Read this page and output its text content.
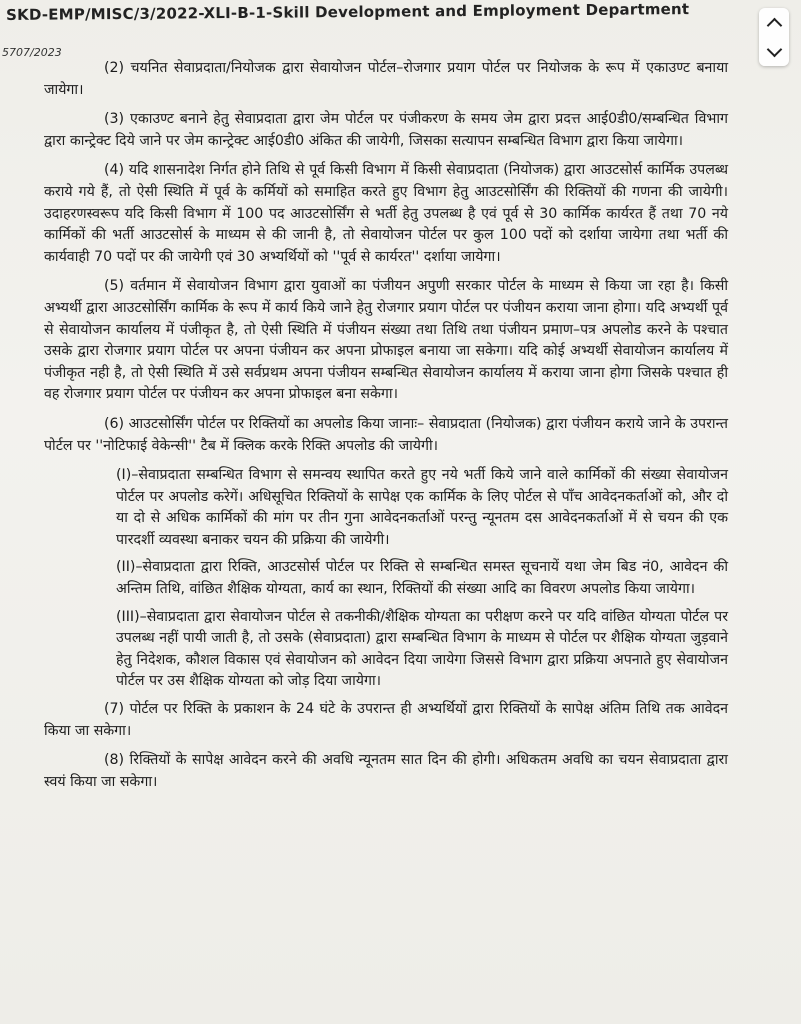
SKD-EMP/MISC/3/2022-XLI-B-1-Skill Development and Employment Department
5707/2023

(2) चयनित सेवाप्रदाता/नियोजक द्वारा सेवायोजन पोर्टल–रोजगार प्रयाग पोर्टल पर नियोजक के रूप में एकाउण्ट बनाया जायेगा।

(3) एकाउण्ट बनाने हेतु सेवाप्रदाता द्वारा जेम पोर्टल पर पंजीकरण के समय जेम द्वारा प्रदत्त आई0डी0/सम्बन्धित विभाग द्वारा कान्ट्रेक्ट दिये जाने पर जेम कान्ट्रेक्ट आई0डी0 अंकित की जायेगी, जिसका सत्यापन सम्बन्धित विभाग द्वारा किया जायेगा।

(4) यदि शासनादेश निर्गत होने तिथि से पूर्व किसी विभाग में किसी सेवाप्रदाता (नियोजक) द्वारा आउटसोर्स कार्मिक उपलब्ध कराये गये हैं, तो ऐसी स्थिति में पूर्व के कर्मियों को समाहित करते हुए विभाग हेतु आउटसोर्सिंग की रिक्तियों की गणना की जायेगी। उदाहरणस्वरूप यदि किसी विभाग में 100 पद आउटसोर्सिंग से भर्ती हेतु उपलब्ध है एवं पूर्व से 30 कार्मिक कार्यरत हैं तथा 70 नये कार्मिकों की भर्ती आउटसोर्स के माध्यम से की जानी है, तो सेवायोजन पोर्टल पर कुल 100 पदों को दर्शाया जायेगा तथा भर्ती की कार्यवाही 70 पदों पर की जायेगी एवं 30 अभ्यर्थियों को ''पूर्व से कार्यरत'' दर्शाया जायेगा।

(5) वर्तमान में सेवायोजन विभाग द्वारा युवाओं का पंजीयन अपुणी सरकार पोर्टल के माध्यम से किया जा रहा है। किसी अभ्यर्थी द्वारा आउटसोर्सिंग कार्मिक के रूप में कार्य किये जाने हेतु रोजगार प्रयाग पोर्टल पर पंजीयन कराया जाना होगा। यदि अभ्यर्थी पूर्व से सेवायोजन कार्यालय में पंजीकृत है, तो ऐसी स्थिति में पंजीयन संख्या तथा तिथि तथा पंजीयन प्रमाण–पत्र अपलोड करने के पश्चात उसके द्वारा रोजगार प्रयाग पोर्टल पर अपना पंजीयन कर अपना प्रोफाइल बनाया जा सकेगा। यदि कोई अभ्यर्थी सेवायोजन कार्यालय में पंजीकृत नही है, तो ऐसी स्थिति में उसे सर्वप्रथम अपना पंजीयन सम्बन्धित सेवायोजन कार्यालय में कराया जाना होगा जिसके पश्चात ही वह रोजगार प्रयाग पोर्टल पर पंजीयन कर अपना प्रोफाइल बना सकेगा।

(6) आउटसोर्सिंग पोर्टल पर रिक्तियों का अपलोड किया जानाः– सेवाप्रदाता (नियोजक) द्वारा पंजीयन कराये जाने के उपरान्त पोर्टल पर ''नोटिफाई वेकेन्सी'' टैब में क्लिक करके रिक्ति अपलोड की जायेगी।

(I)–सेवाप्रदाता सम्बन्धित विभाग से समन्वय स्थापित करते हुए नये भर्ती किये जाने वाले कार्मिकों की संख्या सेवायोजन पोर्टल पर अपलोड करेगें। अधिसूचित रिक्तियों के सापेक्ष एक कार्मिक के लिए पोर्टल से पाँच आवेदनकर्ताओं को, और दो या दो से अधिक कार्मिकों की मांग पर तीन गुना आवेदनकर्ताओं परन्तु न्यूनतम दस आवेदनकर्ताओं में से चयन की एक पारदर्शी व्यवस्था बनाकर चयन की प्रक्रिया की जायेगी।

(II)–सेवाप्रदाता द्वारा रिक्ति, आउटसोर्स पोर्टल पर रिक्ति से सम्बन्धित समस्त सूचनायें यथा जेम बिड नं0, आवेदन की अन्तिम तिथि, वांछित शैक्षिक योग्यता, कार्य का स्थान, रिक्तियों की संख्या आदि का विवरण अपलोड किया जायेगा।

(III)–सेवाप्रदाता द्वारा सेवायोजन पोर्टल से तकनीकी/शैक्षिक योग्यता का परीक्षण करने पर यदि वांछित योग्यता पोर्टल पर उपलब्ध नहीं पायी जाती है, तो उसके (सेवाप्रदाता) द्वारा सम्बन्धित विभाग के माध्यम से पोर्टल पर शैक्षिक योग्यता जुड़वाने हेतु निदेशक, कौशल विकास एवं सेवायोजन को आवेदन दिया जायेगा जिससे विभाग द्वारा प्रक्रिया अपनाते हुए सेवायोजन पोर्टल पर उस शैक्षिक योग्यता को जोड़ दिया जायेगा।

(7) पोर्टल पर रिक्ति के प्रकाशन के 24 घंटे के उपरान्त ही अभ्यर्थियों द्वारा रिक्तियों के सापेक्ष अंतिम तिथि तक आवेदन किया जा सकेगा।

(8) रिक्तियों के सापेक्ष आवेदन करने की अवधि न्यूनतम सात दिन की होगी। अधिकतम अवधि का चयन सेवाप्रदाता द्वारा स्वयं किया जा सकेगा।
